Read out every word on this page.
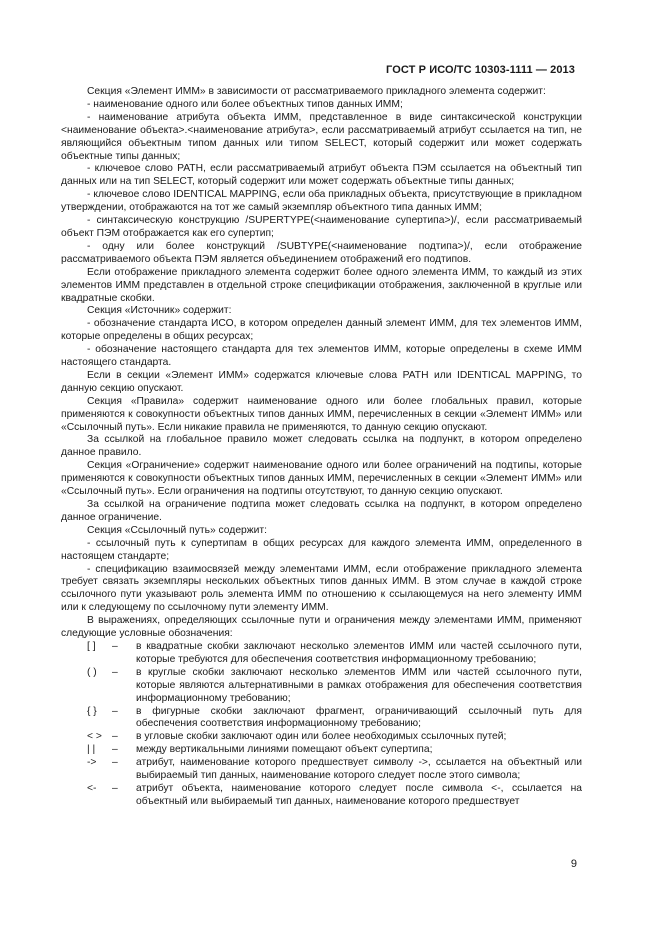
ГОСТ Р ИСО/ТС 10303-1111 — 2013

Секция «Элемент ИММ» в зависимости от рассматриваемого прикладного элемента содержит:

- наименование одного или более объектных типов данных ИММ;

- наименование атрибута объекта ИММ, представленное в виде синтаксической конструкции <наименование объекта>.<наименование атрибута>, если рассматриваемый атрибут ссылается на тип, не являющийся объектным типом данных или типом SELECT, который содержит или может содержать объектные типы данных;

- ключевое слово PATH, если рассматриваемый атрибут объекта ПЭМ ссылается на объектный тип данных или на тип SELECT, который содержит или может содержать объектные типы данных;

- ключевое слово IDENTICAL MAPPING, если оба прикладных объекта, присутствующие в прикладном утверждении, отображаются на тот же самый экземпляр объектного типа данных ИММ;

- синтаксическую конструкцию /SUPERTYPE(<наименование супертипа>)/, если рассматриваемый объект ПЭМ отображается как его супертип;

- одну или более конструкций /SUBTYPE(<наименование подтипа>)/, если отображение рассматриваемого объекта ПЭМ является объединением отображений его подтипов.

Если отображение прикладного элемента содержит более одного элемента ИММ, то каждый из этих элементов ИММ представлен в отдельной строке спецификации отображения, заключенной в круглые или квадратные скобки.

Секция «Источник» содержит:

- обозначение стандарта ИСО, в котором определен данный элемент ИММ, для тех элементов ИММ, которые определены в общих ресурсах;

- обозначение настоящего стандарта для тех элементов ИММ, которые определены в схеме ИММ настоящего стандарта.

Если в секции «Элемент ИММ» содержатся ключевые слова PATH или IDENTICAL MAPPING, то данную секцию опускают.

Секция «Правила» содержит наименование одного или более глобальных правил, которые применяются к совокупности объектных типов данных ИММ, перечисленных в секции «Элемент ИММ» или «Ссылочный путь». Если никакие правила не применяются, то данную секцию опускают.

За ссылкой на глобальное правило может следовать ссылка на подпункт, в котором определено данное правило.

Секция «Ограничение» содержит наименование одного или более ограничений на подтипы, которые применяются к совокупности объектных типов данных ИММ, перечисленных в секции «Элемент ИММ» или «Ссылочный путь». Если ограничения на подтипы отсутствуют, то данную секцию опускают.

За ссылкой на ограничение подтипа может следовать ссылка на подпункт, в котором определено данное ограничение.

Секция «Ссылочный путь» содержит:

- ссылочный путь к супертипам в общих ресурсах для каждого элемента ИММ, определенного в настоящем стандарте;

- спецификацию взаимосвязей между элементами ИММ, если отображение прикладного элемента требует связать экземпляры нескольких объектных типов данных ИММ. В этом случае в каждой строке ссылочного пути указывают роль элемента ИММ по отношению к ссылающемуся на него элементу ИММ или к следующему по ссылочному пути элементу ИММ.

В выражениях, определяющих ссылочные пути и ограничения между элементами ИММ, применяют следующие условные обозначения:

[ ]	–	в квадратные скобки заключают несколько элементов ИММ или частей ссылочного пути, которые требуются для обеспечения соответствия информационному требованию;
( )	–	в круглые скобки заключают несколько элементов ИММ или частей ссылочного пути, которые являются альтернативными в рамках отображения для обеспечения соответствия информационному требованию;
{ }	–	в фигурные скобки заключают фрагмент, ограничивающий ссылочный путь для обеспечения соответствия информационному требованию;
< > –	в угловые скобки заключают один или более необходимых ссылочных путей;
| |	–	между вертикальными линиями помещают объект супертипа;
->	–	атрибут, наименование которого предшествует символу ->, ссылается на объектный или выбираемый тип данных, наименование которого следует после этого символа;
<-	–	атрибут объекта, наименование которого следует после символа <-, ссылается на объектный или выбираемый тип данных, наименование которого предшествует
9
